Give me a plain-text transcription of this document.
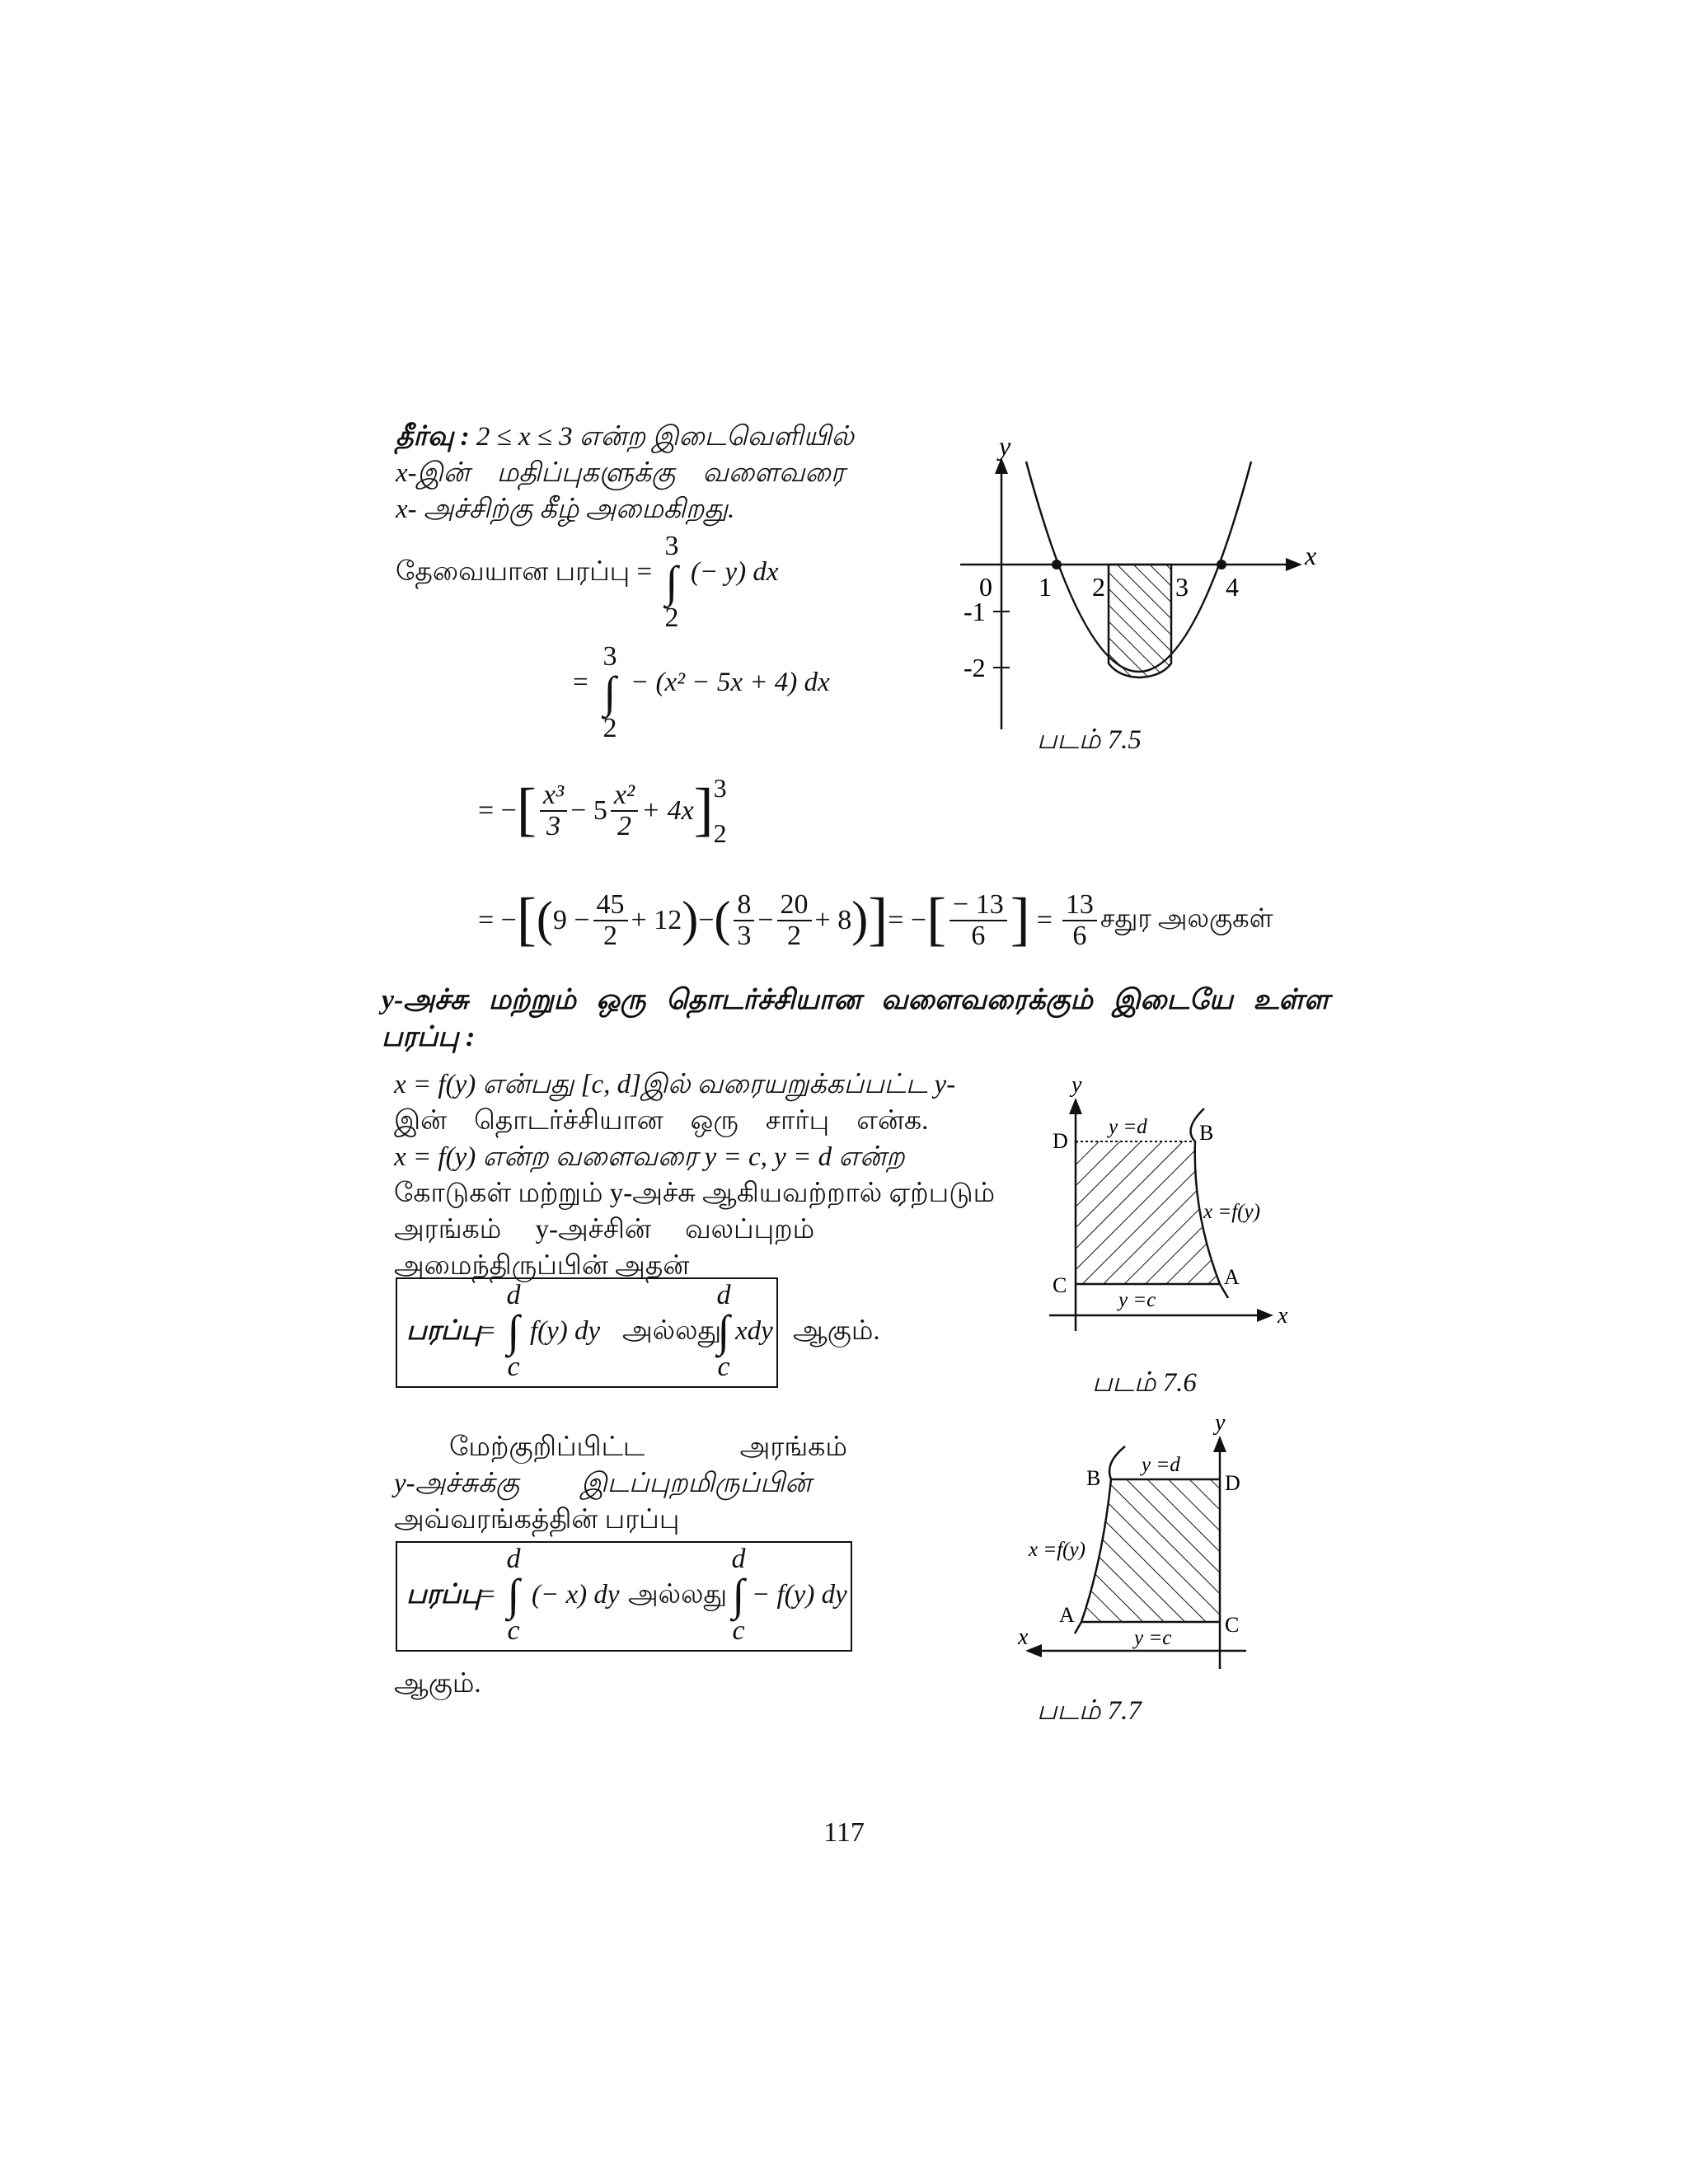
தீர்வு : 2 ≤ x ≤ 3 என்ற இடைவெளியில்
x-இன்    மதிப்புகளுக்கு    வளைவரை
x- அச்சிற்கு கீழ் அமைகிறது.
தேவையான பரப்பு =
3
∫
2
(− y) dx
=
3
∫
2
− (x² − 5x + 4) dx
= − [ $\frac{\text{x³}}{3} - 5 \frac{\text{x²}}{2} + 4x$ ] 3
2
= − [ ( $9 - \frac{45}{2} + 12$ ) − ( $\frac{8}{3} - \frac{20}{2} + 8$ ) ] = − [ $\frac{- 13}{6}$ ] = $\frac{13}{6}$ சதுர அலகுகள்
x
y
0 1 2	3 4
-1
-2
படம் 7.5
y-அச்சு மற்றும் ஒரு தொடர்ச்சியான வளைவரைக்கும் இடையே உள்ள
பரப்பு :
x = f(y) என்பது [c, d]இல் வரையறுக்கப்பட்ட y-
இன்    தொடர்ச்சியான    ஒரு    சார்பு    என்க.
x = f(y) என்ற வளைவரை y = c, y = d என்ற
கோடுகள் மற்றும் y-அச்சு ஆகியவற்றால் ஏற்படும்
அரங்கம்     y-அச்சின்     வலப்புறம்
அமைந்திருப்பின் அதன்
பரப்பு
=
d
∫
c
f(y) dy அல்லது
d
∫
c
xdy ஆகும்.
y
x
D	B
C	A
y =d
y =c
x =f(y)
படம் 7.6
மேற்குறிப்பிட்ட              அரங்கம்
y-அச்சுக்கு         இடப்புறமிருப்பின்
அவ்வரங்கத்தின் பரப்பு
பரப்பு
=
d
∫
c
(− x) dy அல்லது
d
∫
c
− f(y) dy
ஆகும்.
y
x
B	D
A	C
y =d
y =c
x =f(y)
படம் 7.7
117
